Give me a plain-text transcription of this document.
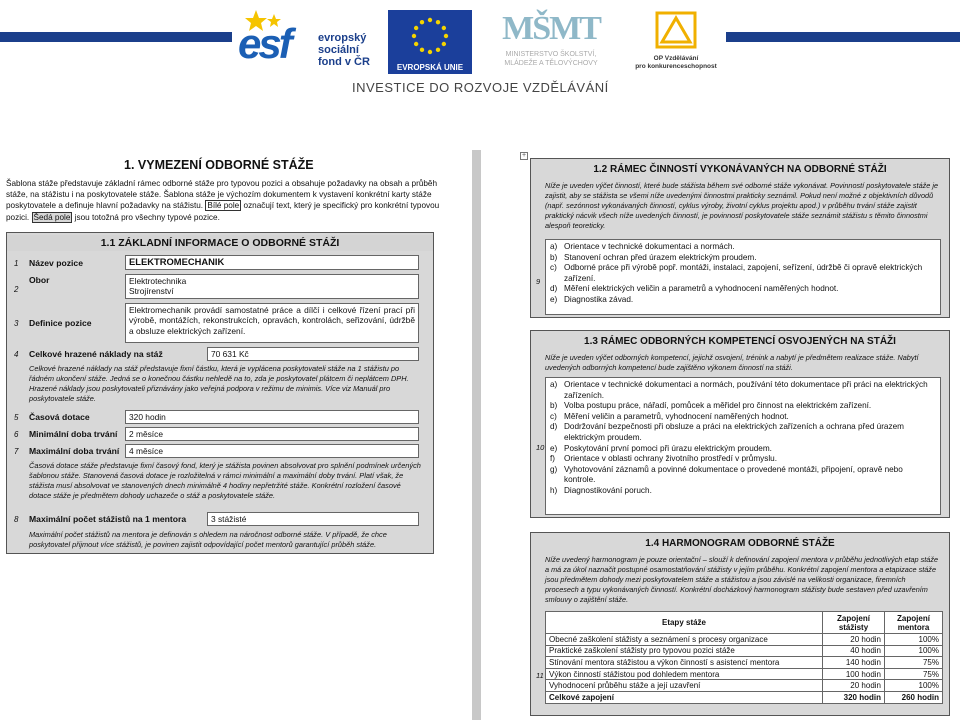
esf	evropský
sociální
fond v ČR	EVROPSKÁ UNIE
MŠMT
MINISTERSTVO ŠKOLSTVÍ,
MLÁDEŽE A TĚLOVÝCHOVY
OP Vzdělávání
pro konkurenceschopnost
INVESTICE DO ROZVOJE VZDĚLÁVÁNÍ
1. VYMEZENÍ ODBORNÉ STÁŽE
Šablona stáže představuje základní rámec odborné stáže pro typovou pozici a obsahuje požadavky na obsah a průběh stáže, na stážistu i na poskytovatele stáže. Šablona stáže je výchozím dokumentem k vystavení konkrétní karty stáže poskytovatele a definuje hlavní požadavky na stážistu. Bílé pole označují text, který je specifický pro konkrétní typovou pozici. Šedá pole jsou totožná pro všechny typové pozice.
1.1 ZÁKLADNÍ INFORMACE O ODBORNÉ STÁŽI
1 Název pozice	ELEKTROMECHANIK
2
Obor	Elektrotechnika
Strojírenství
3 Definice pozice
Elektromechanik provádí samostatné práce a dílčí i celkové řízení prací při výrobě, montážích, rekonstrukcích, opravách, kontrolách, seřizování, údržbě a obsluze elektrických zařízení.
4 Celkové hrazené náklady na stáž	70 631 Kč
Celkové hrazené náklady na stáž představuje fixní částku, která je vyplácena poskytovateli stáže na 1 stážistu po řádném ukončení stáže. Jedná se o konečnou částku nehledě na to, zda je poskytovatel plátcem či neplátcem DPH. Hrazené náklady jsou poskytovateli přiznávány jako veřejná podpora v režimu de minimis. Více viz Manuál pro poskytovatele stáže.
5 Časová dotace	320 hodin
6 Minimální doba trvání	2 měsíce
7 Maximální doba trvání	4 měsíce
Časová dotace stáže představuje fixní časový fond, který je stážista povinen absolvovat pro splnění podmínek určených šablonou stáže. Stanovená časová dotace je rozložitelná v rámci minimální a maximální doby trvání. Platí však, že stážista musí absolvovat ve stanovených dnech minimálně 4 hodiny nepřetržité stáže. Konkrétní rozložení časové dotace stáže je předmětem dohody uchazeče o stáž a poskytovatele stáže.
8 Maximální počet stážistů na 1 mentora	3 stážisté
Maximální počet stážistů na mentora je definován s ohledem na náročnost odborné stáže. V případě, že chce poskytovatel přijmout více stážistů, je povinen zajistit odpovídající počet mentorů garantující průběh stáže.
+
1.2 RÁMEC ČINNOSTÍ VYKONÁVANÝCH NA ODBORNÉ STÁŽI
Níže je uveden výčet činností, které bude stážista během své odborné stáže vykonávat. Povinností poskytovatele stáže je zajistit, aby se stážista se všemi níže uvedenými činnostmi prakticky seznámil. Pokud není možné z objektivních důvodů (např. sezónnost vykonávaných činností, cyklus výroby, životní cyklus projektu apod.) v průběhu trvání stáže zajistit praktický nácvik všech níže uvedených činností, je povinností poskytovatele stáže seznámit stážistu s těmito činnostmi alespoň teoreticky.
9
a) Orientace v technické dokumentaci a normách.
b) Stanovení ochran před úrazem elektrickým proudem.
c) Odborné práce při výrobě popř. montáži, instalaci, zapojení, seřízení, údržbě či opravě elektrických zařízení.
d) Měření elektrických veličin a parametrů a vyhodnocení naměřených hodnot.
e) Diagnostika závad.
1.3 RÁMEC ODBORNÝCH KOMPETENCÍ OSVOJENÝCH NA STÁŽI
Níže je uveden výčet odborných kompetencí, jejichž osvojení, trénink a nabytí je předmětem realizace stáže. Nabytí uvedených odborných kompetencí bude zajištěno výkonem činností na stáži.
10
a) Orientace v technické dokumentaci a normách, používání této dokumentace při práci na elektrických zařízeních.
b) Volba postupu práce, nářadí, pomůcek a měřidel pro činnost na elektrickém zařízení.
c) Měření veličin a parametrů, vyhodnocení naměřených hodnot.
d) Dodržování bezpečnosti při obsluze a práci na elektrických zařízeních a ochrana před úrazem elektrickým proudem.
e) Poskytování první pomoci při úrazu elektrickým proudem.
f)	Orientace v oblasti ochrany životního prostředí v průmyslu.
g) Vyhotovování záznamů a povinné dokumentace o provedené montáži, připojení, opravě nebo kontrole.
h) Diagnostikování poruch.
1.4 HARMONOGRAM ODBORNÉ STÁŽE
Níže uvedený harmonogram je pouze orientační – slouží k definování zapojení mentora v průběhu jednotlivých etap stáže a má za úkol naznačit postupné osamostatňování stážisty v jejím průběhu. Konkrétní zapojení mentora a etapizace stáže jsou předmětem dohody mezi poskytovatelem stáže a stážistou a jsou závislé na velikosti organizace, firemních procesech a typu vykonávaných činností. Konkrétní docházkový harmonogram stážisty bude sestaven před uzavřením smlouvy o zajištění stáže.
11
Etapy stáže	Zapojení stážisty	Zapojení mentora
Obecné zaškolení stážisty a seznámení s procesy organizace	20 hodin	100%
Praktické zaškolení stážisty pro typovou pozici stáže	40 hodin	100%
Stínování mentora stážistou a výkon činností s asistencí mentora	140 hodin	75%
Výkon činností stážistou pod dohledem mentora	100 hodin	75%
Vyhodnocení průběhu stáže a její uzavření	20 hodin	100%
Celkové zapojení	320 hodin	260 hodin
